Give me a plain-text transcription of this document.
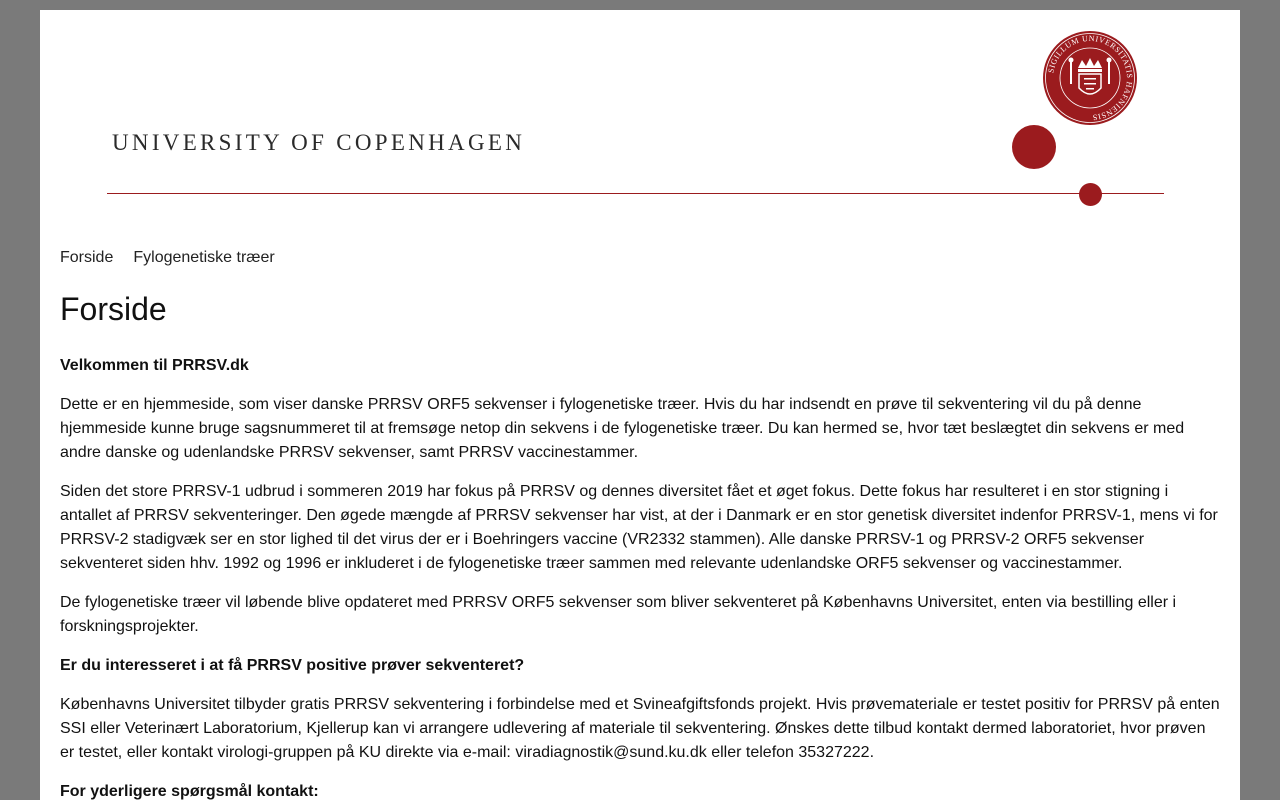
UNIVERSITY OF COPENHAGEN
SIGILLUM UNIVERSITATIS HAFNIENSIS
Forside Fylogenetiske træer
Forside

Velkommen til PRRSV.dk

Dette er en hjemmeside, som viser danske PRRSV ORF5 sekvenser i fylogenetiske træer. Hvis du har indsendt en prøve til sekventering vil du på denne hjemmeside kunne bruge sagsnummeret til at fremsøge netop din sekvens i de fylogenetiske træer. Du kan hermed se, hvor tæt beslægtet din sekvens er med andre danske og udenlandske PRRSV sekvenser, samt PRRSV vaccinestammer.

Siden det store PRRSV-1 udbrud i sommeren 2019 har fokus på PRRSV og dennes diversitet fået et øget fokus. Dette fokus har resulteret i en stor stigning i antallet af PRRSV sekventeringer. Den øgede mængde af PRRSV sekvenser har vist, at der i Danmark er en stor genetisk diversitet indenfor PRRSV-1, mens vi for PRRSV-2 stadigvæk ser en stor lighed til det virus der er i Boehringers vaccine (VR2332 stammen). Alle danske PRRSV-1 og PRRSV-2 ORF5 sekvenser sekventeret siden hhv. 1992 og 1996 er inkluderet i de fylogenetiske træer sammen med relevante udenlandske ORF5 sekvenser og vaccinestammer.

De fylogenetiske træer vil løbende blive opdateret med PRRSV ORF5 sekvenser som bliver sekventeret på Københavns Universitet, enten via bestilling eller i forskningsprojekter.

Er du interesseret i at få PRRSV positive prøver sekventeret?

Københavns Universitet tilbyder gratis PRRSV sekventering i forbindelse med et Svineafgiftsfonds projekt. Hvis prøvemateriale er testet positiv for PRRSV på enten SSI eller Veterinært Laboratorium, Kjellerup kan vi arrangere udlevering af materiale til sekventering. Ønskes dette tilbud kontakt dermed laboratoriet, hvor prøven er testet, eller kontakt virologi-gruppen på KU direkte via e-mail: viradiagnostik@sund.ku.dk eller telefon 35327222.

For yderligere spørgsmål kontakt:
